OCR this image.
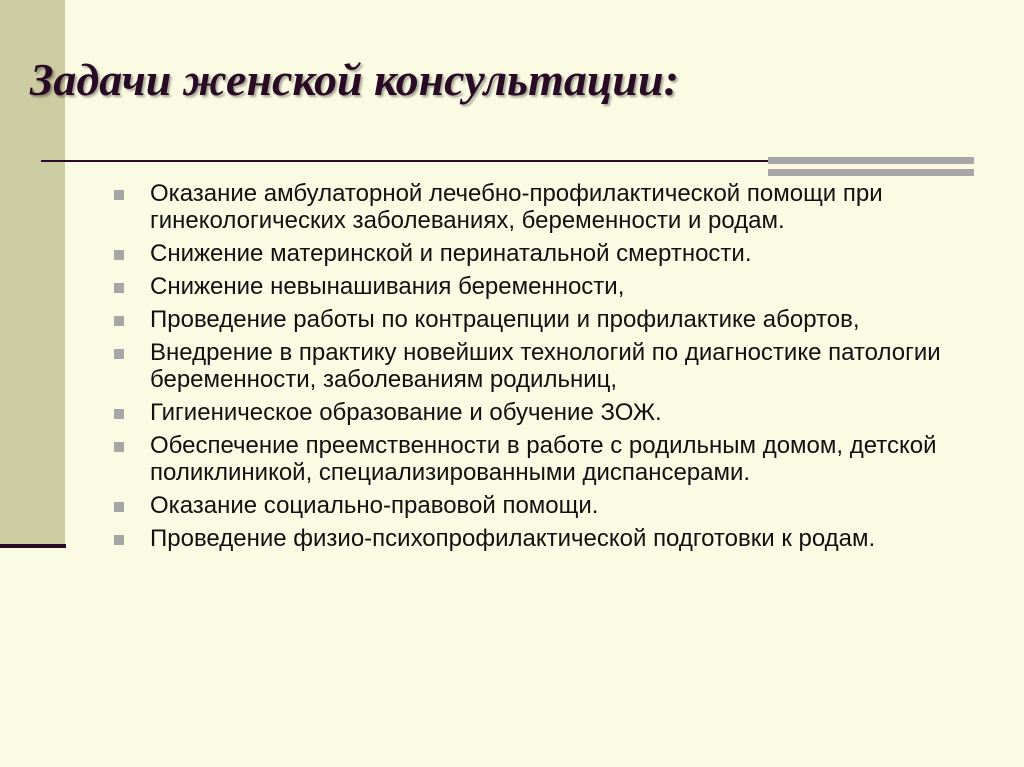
Задачи женской консультации:
Оказание амбулаторной лечебно-профилактической помощи при гинекологических заболеваниях, беременности и родам.
Снижение материнской и перинатальной смертности.
Снижение невынашивания беременности,
Проведение работы по контрацепции и профилактике абортов,
Внедрение в практику новейших технологий по диагностике патологии беременности, заболеваниям родильниц,
Гигиеническое образование и обучение ЗОЖ.
Обеспечение преемственности в работе с родильным домом, детской поликлиникой, специализированными диспансерами.
Оказание социально-правовой помощи.
Проведение физио-психопрофилактической подготовки к родам.
